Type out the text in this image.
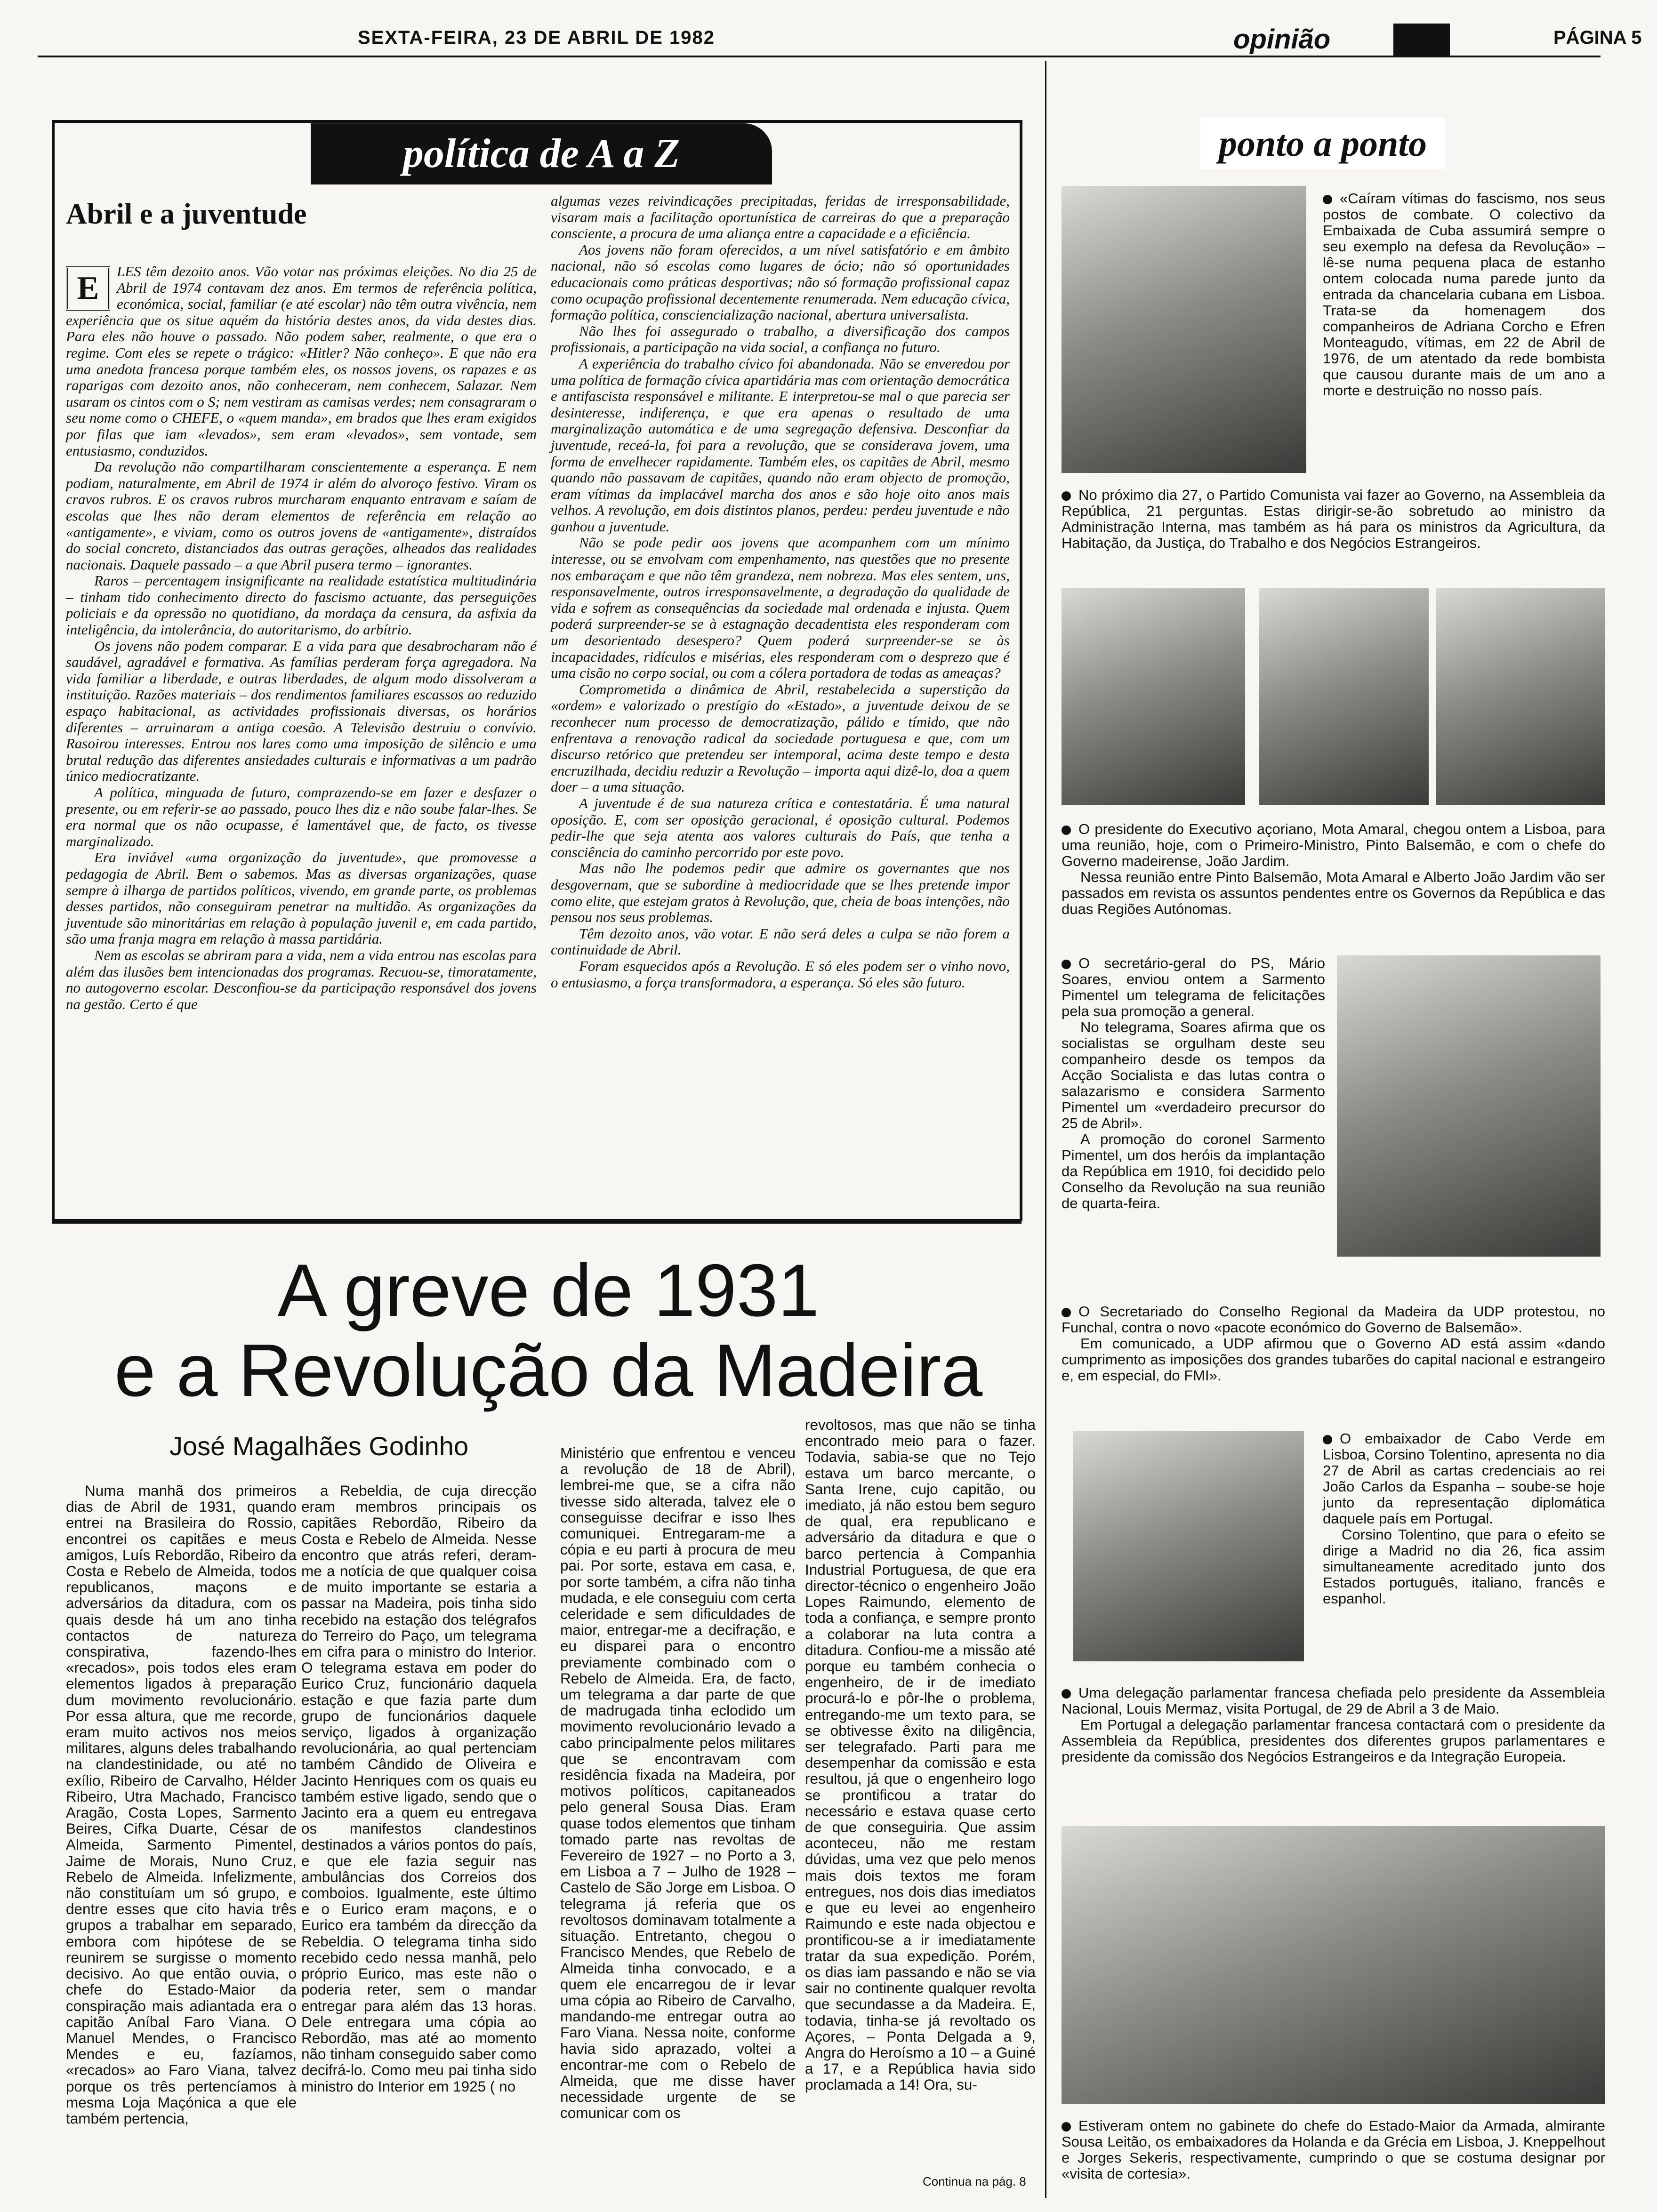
SEXTA-FEIRA, 23 DE ABRIL DE 1982	opinião	PÁGINA 5
política de A a Z
Abril e a juventude
E	LES têm dezoito anos. Vão votar nas próximas eleições. No dia 25 de Abril de 1974 contavam dez anos. Em termos de referência política, económica, social, familiar (e até escolar) não têm outra vivência, nem experiência que os situe aquém da história destes anos, da vida destes dias. Para eles não houve o passado. Não podem saber, realmente, o que era o regime. Com eles se repete o trágico: «Hitler? Não conheço». E que não era uma anedota francesa porque também eles, os nossos jovens, os rapazes e as raparigas com dezoito anos, não conheceram, nem conhecem, Salazar. Nem usaram os cintos com o S; nem vestiram as camisas verdes; nem consagraram o seu nome como o CHEFE, o «quem manda», em brados que lhes eram exigidos por filas que iam «levados», sem eram «levados», sem vontade, sem entusiasmo, conduzidos.

Da revolução não compartilharam conscientemente a esperança. E nem podiam, naturalmente, em Abril de 1974 ir além do alvoroço festivo. Viram os cravos rubros. E os cravos rubros murcharam enquanto entravam e saíam de escolas que lhes não deram elementos de referência em relação ao «antigamente», e viviam, como os outros jovens de «antigamente», distraídos do social concreto, distanciados das outras gerações, alheados das realidades nacionais. Daquele passado – a que Abril pusera termo – ignorantes.

Raros – percentagem insignificante na realidade estatística multitudinária – tinham tido conhecimento directo do fascismo actuante, das perseguições policiais e da opressão no quotidiano, da mordaça da censura, da asfixia da inteligência, da intolerância, do autoritarismo, do arbítrio.

Os jovens não podem comparar. E a vida para que desabrocharam não é saudável, agradável e formativa. As famílias perderam força agregadora. Na vida familiar a liberdade, e outras liberdades, de algum modo dissolveram a instituição. Razões materiais – dos rendimentos familiares escassos ao reduzido espaço habitacional, as actividades profissionais diversas, os horários diferentes – arruinaram a antiga coesão. A Televisão destruiu o convívio. Rasoirou interesses. Entrou nos lares como uma imposição de silêncio e uma brutal redução das diferentes ansiedades culturais e informativas a um padrão único mediocratizante.

A política, minguada de futuro, comprazendo-se em fazer e desfazer o presente, ou em referir-se ao passado, pouco lhes diz e não soube falar-lhes. Se era normal que os não ocupasse, é lamentável que, de facto, os tivesse marginalizado.

Era inviável «uma organização da juventude», que promovesse a pedagogia de Abril. Bem o sabemos. Mas as diversas organizações, quase sempre à ilharga de partidos políticos, vivendo, em grande parte, os problemas desses partidos, não conseguiram penetrar na multidão. As organizações da juventude são minoritárias em relação à população juvenil e, em cada partido, são uma franja magra em relação à massa partidária.

Nem as escolas se abriram para a vida, nem a vida entrou nas escolas para além das ilusões bem intencionadas dos programas. Recuou-se, timoratamente, no autogoverno escolar. Desconfiou-se da participação responsável dos jovens na gestão. Certo é que

algumas vezes reivindicações precipitadas, feridas de irresponsabilidade, visaram mais a facilitação oportunística de carreiras do que a preparação consciente, a procura de uma aliança entre a capacidade e a eficiência.

Aos jovens não foram oferecidos, a um nível satisfatório e em âmbito nacional, não só escolas como lugares de ócio; não só oportunidades educacionais como práticas desportivas; não só formação profissional capaz como ocupação profissional decentemente renumerada. Nem educação cívica, formação política, consciencialização nacional, abertura universalista.

Não lhes foi assegurado o trabalho, a diversificação dos campos profissionais, a participação na vida social, a confiança no futuro.

A experiência do trabalho cívico foi abandonada. Não se enveredou por uma política de formação cívica apartidária mas com orientação democrática e antifascista responsável e militante. E interpretou-se mal o que parecia ser desinteresse, indiferença, e que era apenas o resultado de uma marginalização automática e de uma segregação defensiva. Desconfiar da juventude, receá-la, foi para a revolução, que se considerava jovem, uma forma de envelhecer rapidamente. Também eles, os capitães de Abril, mesmo quando não passavam de capitães, quando não eram objecto de promoção, eram vítimas da implacável marcha dos anos e são hoje oito anos mais velhos. A revolução, em dois distintos planos, perdeu: perdeu juventude e não ganhou a juventude.

Não se pode pedir aos jovens que acompanhem com um mínimo interesse, ou se envolvam com empenhamento, nas questões que no presente nos embaraçam e que não têm grandeza, nem nobreza. Mas eles sentem, uns, responsavelmente, outros irresponsavelmente, a degradação da qualidade de vida e sofrem as consequências da sociedade mal ordenada e injusta. Quem poderá surpreender-se se à estagnação decadentista eles responderam com um desorientado desespero? Quem poderá surpreender-se se às incapacidades, ridículos e misérias, eles responderam com o desprezo que é uma cisão no corpo social, ou com a cólera portadora de todas as ameaças?

Comprometida a dinâmica de Abril, restabelecida a superstição da «ordem» e valorizado o prestígio do «Estado», a juventude deixou de se reconhecer num processo de democratização, pálido e tímido, que não enfrentava a renovação radical da sociedade portuguesa e que, com um discurso retórico que pretendeu ser intemporal, acima deste tempo e desta encruzilhada, decidiu reduzir a Revolução – importa aqui dizê-lo, doa a quem doer – a uma situação.

A juventude é de sua natureza crítica e contestatária. É uma natural oposição. E, com ser oposição geracional, é oposição cultural. Podemos pedir-lhe que seja atenta aos valores culturais do País, que tenha a consciência do caminho percorrido por este povo.

Mas não lhe podemos pedir que admire os governantes que nos desgovernam, que se subordine à mediocridade que se lhes pretende impor como elite, que estejam gratos à Revolução, que, cheia de boas intenções, não pensou nos seus problemas.

Têm dezoito anos, vão votar. E não será deles a culpa se não forem a continuidade de Abril.

Foram esquecidos após a Revolução. E só eles podem ser o vinho novo, o entusiasmo, a força transformadora, a esperança. Só eles são futuro.

ponto a ponto

«Caíram vítimas do fascismo, nos seus postos de combate. O colectivo da Embaixada de Cuba assumirá sempre o seu exemplo na defesa da Revolução» – lê-se numa pequena placa de estanho ontem colocada numa parede junto da entrada da chancelaria cubana em Lisboa. Trata-se da homenagem dos companheiros de Adriana Corcho e Efren Monteagudo, vítimas, em 22 de Abril de 1976, de um atentado da rede bombista que causou durante mais de um ano a morte e destruição no nosso país.

No próximo dia 27, o Partido Comunista vai fazer ao Governo, na Assembleia da República, 21 perguntas. Estas dirigir-se-ão sobretudo ao ministro da Administração Interna, mas também as há para os ministros da Agricultura, da Habitação, da Justiça, do Trabalho e dos Negócios Estrangeiros.

O presidente do Executivo açoriano, Mota Amaral, chegou ontem a Lisboa, para uma reunião, hoje, com o Primeiro-Ministro, Pinto Balsemão, e com o chefe do Governo madeirense, João Jardim.

Nessa reunião entre Pinto Balsemão, Mota Amaral e Alberto João Jardim vão ser passados em revista os assuntos pendentes entre os Governos da República e das duas Regiões Autónomas.

O secretário-geral do PS, Mário Soares, enviou ontem a Sarmento Pimentel um telegrama de felicitações pela sua promoção a general.

No telegrama, Soares afirma que os socialistas se orgulham deste seu companheiro desde os tempos da Acção Socialista e das lutas contra o salazarismo e considera Sarmento Pimentel um «verdadeiro precursor do 25 de Abril».

A promoção do coronel Sarmento Pimentel, um dos heróis da implantação da República em 1910, foi decidido pelo Conselho da Revolução na sua reunião de quarta-feira.

O Secretariado do Conselho Regional da Madeira da UDP protestou, no Funchal, contra o novo «pacote económico do Governo de Balsemão».

Em comunicado, a UDP afirmou que o Governo AD está assim «dando cumprimento as imposições dos grandes tubarões do capital nacional e estrangeiro e, em especial, do FMI».

O embaixador de Cabo Verde em Lisboa, Corsino Tolentino, apresenta no dia 27 de Abril as cartas credenciais ao rei João Carlos da Espanha – soube-se hoje junto da representação diplomática daquele país em Portugal.

Corsino Tolentino, que para o efeito se dirige a Madrid no dia 26, fica assim simultaneamente acreditado junto dos Estados português, italiano, francês e espanhol.

Uma delegação parlamentar francesa chefiada pelo presidente da Assembleia Nacional, Louis Mermaz, visita Portugal, de 29 de Abril a 3 de Maio.

Em Portugal a delegação parlamentar francesa contactará com o presidente da Assembleia da República, presidentes dos diferentes grupos parlamentares e presidente da comissão dos Negócios Estrangeiros e da Integração Europeia.

Estiveram ontem no gabinete do chefe do Estado-Maior da Armada, almirante Sousa Leitão, os embaixadores da Holanda e da Grécia em Lisboa, J. Kneppelhout e Jorges Sekeris, respectivamente, cumprindo o que se costuma designar por «visita de cortesia».

A greve de 1931
e a Revolução da Madeira
José Magalhães Godinho

Numa manhã dos primeiros dias de Abril de 1931, quando entrei na Brasileira do Rossio, encontrei os capitães e meus amigos, Luís Rebordão, Ribeiro da Costa e Rebelo de Almeida, todos republicanos, maçons e adversários da ditadura, com os quais desde há um ano tinha contactos de natureza conspirativa, fazendo-lhes «recados», pois todos eles eram elementos ligados à preparação dum movimento revolucionário. Por essa altura, que me recorde, eram muito activos nos meios militares, alguns deles trabalhando na clandestinidade, ou até no exílio, Ribeiro de Carvalho, Hélder Ribeiro, Utra Machado, Francisco Aragão, Costa Lopes, Sarmento Beires, Cifka Duarte, César de Almeida, Sarmento Pimentel, Jaime de Morais, Nuno Cruz, Rebelo de Almeida. Infelizmente, não constituíam um só grupo, e dentre esses que cito havia três grupos a trabalhar em separado, embora com hipótese de se reunirem se surgisse o momento decisivo. Ao que então ouvia, o chefe do Estado-Maior da conspiração mais adiantada era o capitão Aníbal Faro Viana. O Manuel Mendes, o Francisco Mendes e eu, fazíamos, «recados» ao Faro Viana, talvez porque os três pertencíamos à mesma Loja Maçónica a que ele também pertencia,

a Rebeldia, de cuja direcção eram membros principais os capitães Rebordão, Ribeiro da Costa e Rebelo de Almeida. Nesse encontro que atrás referi, deram-me a notícia de que qualquer coisa de muito importante se estaria a passar na Madeira, pois tinha sido recebido na estação dos telégrafos do Terreiro do Paço, um telegrama em cifra para o ministro do Interior. O telegrama estava em poder do Eurico Cruz, funcionário daquela estação e que fazia parte dum grupo de funcionários daquele serviço, ligados à organização revolucionária, ao qual pertenciam também Cândido de Oliveira e Jacinto Henriques com os quais eu também estive ligado, sendo que o Jacinto era a quem eu entregava os manifestos clandestinos destinados a vários pontos do país, e que ele fazia seguir nas ambulâncias dos Correios dos comboios. Igualmente, este último e o Eurico eram maçons, e o Eurico era também da direcção da Rebeldia. O telegrama tinha sido recebido cedo nessa manhã, pelo próprio Eurico, mas este não o poderia reter, sem o mandar entregar para além das 13 horas. Dele entregara uma cópia ao Rebordão, mas até ao momento não tinham conseguido saber como decifrá-lo. Como meu pai tinha sido ministro do Interior em 1925 ( no

Ministério que enfrentou e venceu a revolução de 18 de Abril), lembrei-me que, se a cifra não tivesse sido alterada, talvez ele o conseguisse decifrar e isso lhes comuniquei. Entregaram-me a cópia e eu parti à procura de meu pai. Por sorte, estava em casa, e, por sorte também, a cifra não tinha mudada, e ele conseguiu com certa celeridade e sem dificuldades de maior, entregar-me a decifração, e eu disparei para o encontro previamente combinado com o Rebelo de Almeida. Era, de facto, um telegrama a dar parte de que de madrugada tinha eclodido um movimento revolucionário levado a cabo principalmente pelos militares que se encontravam com residência fixada na Madeira, por motivos políticos, capitaneados pelo general Sousa Dias. Eram quase todos elementos que tinham tomado parte nas revoltas de Fevereiro de 1927 – no Porto a 3, em Lisboa a 7 – Julho de 1928 – Castelo de São Jorge em Lisboa. O telegrama já referia que os revoltosos dominavam totalmente a situação. Entretanto, chegou o Francisco Mendes, que Rebelo de Almeida tinha convocado, e a quem ele encarregou de ir levar uma cópia ao Ribeiro de Carvalho, mandando-me entregar outra ao Faro Viana. Nessa noite, conforme havia sido aprazado, voltei a encontrar-me com o Rebelo de Almeida, que me disse haver necessidade urgente de se comunicar com os

revoltosos, mas que não se tinha encontrado meio para o fazer. Todavia, sabia-se que no Tejo estava um barco mercante, o Santa Irene, cujo capitão, ou imediato, já não estou bem seguro de qual, era republicano e adversário da ditadura e que o barco pertencia à Companhia Industrial Portuguesa, de que era director-técnico o engenheiro João Lopes Raimundo, elemento de toda a confiança, e sempre pronto a colaborar na luta contra a ditadura. Confiou-me a missão até porque eu também conhecia o engenheiro, de ir de imediato procurá-lo e pôr-lhe o problema, entregando-me um texto para, se se obtivesse êxito na diligência, ser telegrafado. Parti para me desempenhar da comissão e esta resultou, já que o engenheiro logo se prontificou a tratar do necessário e estava quase certo de que conseguiria. Que assim aconteceu, não me restam dúvidas, uma vez que pelo menos mais dois textos me foram entregues, nos dois dias imediatos e que eu levei ao engenheiro Raimundo e este nada objectou e prontificou-se a ir imediatamente tratar da sua expedição. Porém, os dias iam passando e não se via sair no continente qualquer revolta que secundasse a da Madeira. E, todavia, tinha-se já revoltado os Açores, – Ponta Delgada a 9, Angra do Heroísmo a 10 – a Guiné a 17, e a República havia sido proclamada a 14! Ora, su-

Continua na pág. 8
